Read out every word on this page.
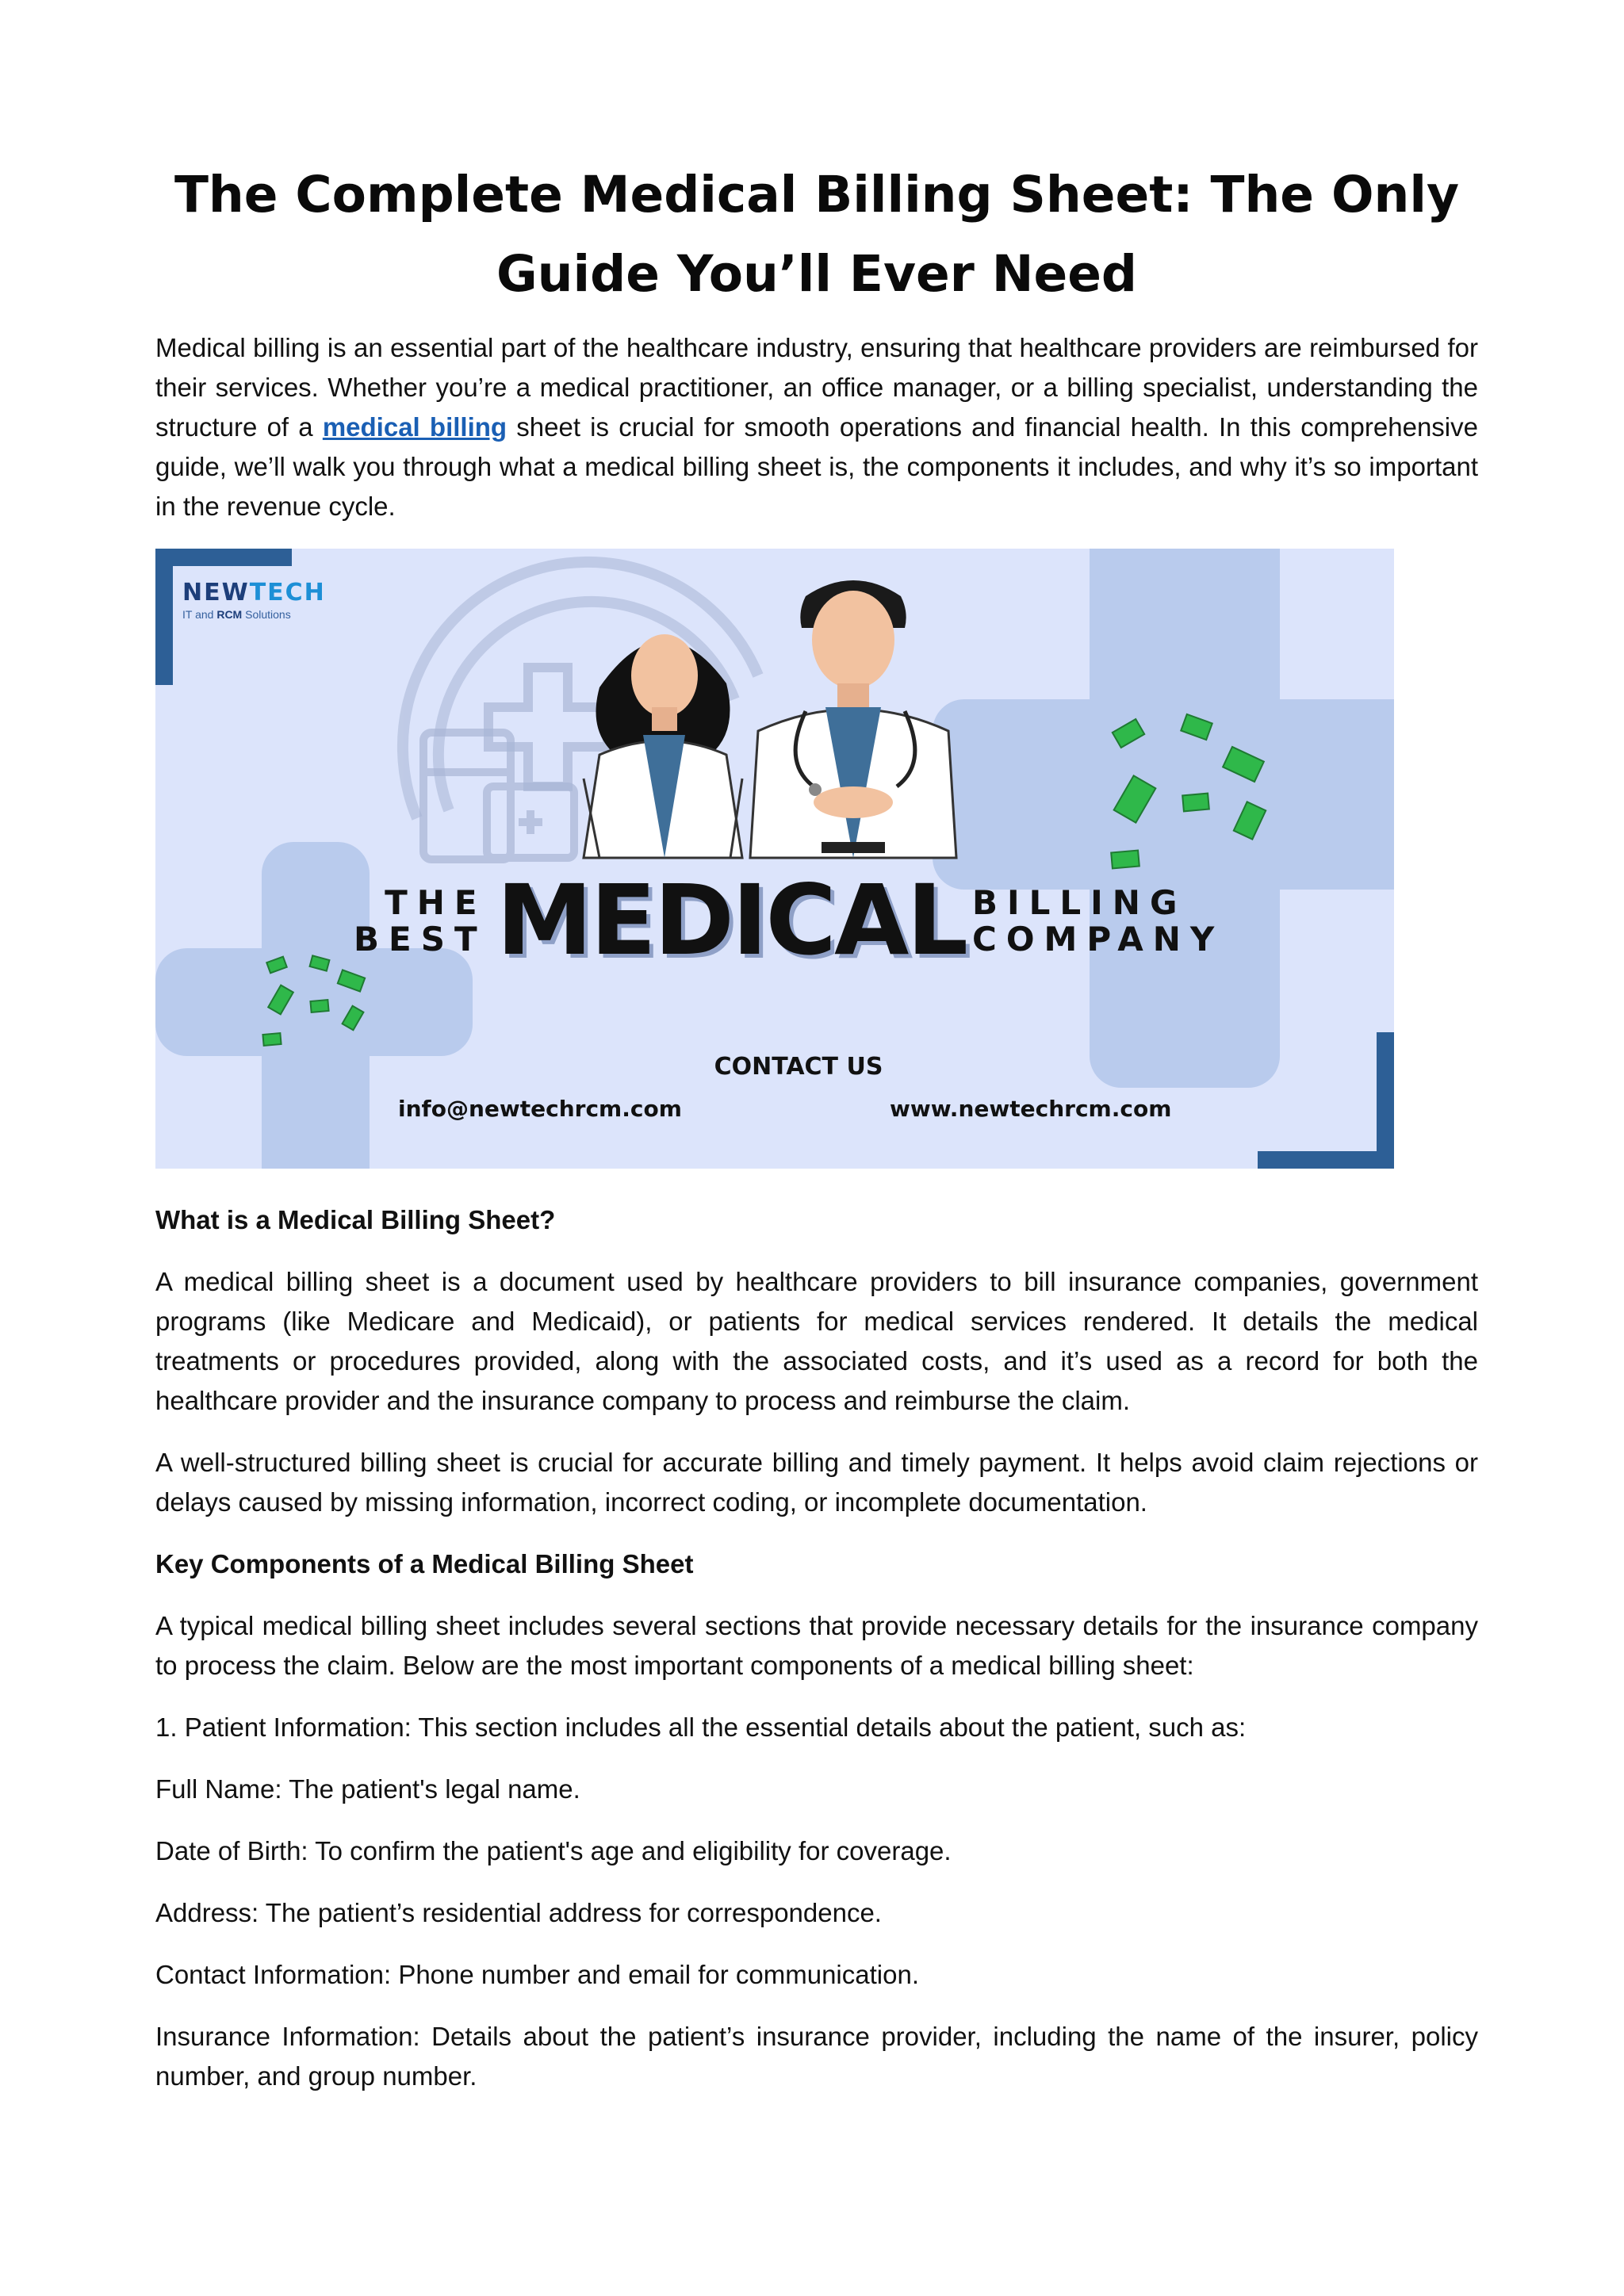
The Complete Medical Billing Sheet: The Only Guide You’ll Ever Need

Medical billing is an essential part of the healthcare industry, ensuring that healthcare providers are reimbursed for their services. Whether you’re a medical practitioner, an office manager, or a billing specialist, understanding the structure of a medical billing sheet is crucial for smooth operations and financial health. In this comprehensive guide, we’ll walk you through what a medical billing sheet is, the components it includes, and why it’s so important in the revenue cycle.

NEWTECH
IT and RCM Solutions
THE
BEST MEDICAL BILLING
COMPANY
CONTACT US
info@newtechrcm.com	www.newtechrcm.com

What is a Medical Billing Sheet?

A medical billing sheet is a document used by healthcare providers to bill insurance companies, government programs (like Medicare and Medicaid), or patients for medical services rendered. It details the medical treatments or procedures provided, along with the associated costs, and it’s used as a record for both the healthcare provider and the insurance company to process and reimburse the claim.

A well-structured billing sheet is crucial for accurate billing and timely payment. It helps avoid claim rejections or delays caused by missing information, incorrect coding, or incomplete documentation.

Key Components of a Medical Billing Sheet

A typical medical billing sheet includes several sections that provide necessary details for the insurance company to process the claim. Below are the most important components of a medical billing sheet:

1. Patient Information: This section includes all the essential details about the patient, such as:

Full Name: The patient's legal name.

Date of Birth: To confirm the patient's age and eligibility for coverage.

Address: The patient’s residential address for correspondence.

Contact Information: Phone number and email for communication.

Insurance Information: Details about the patient’s insurance provider, including the name of the insurer, policy number, and group number.
